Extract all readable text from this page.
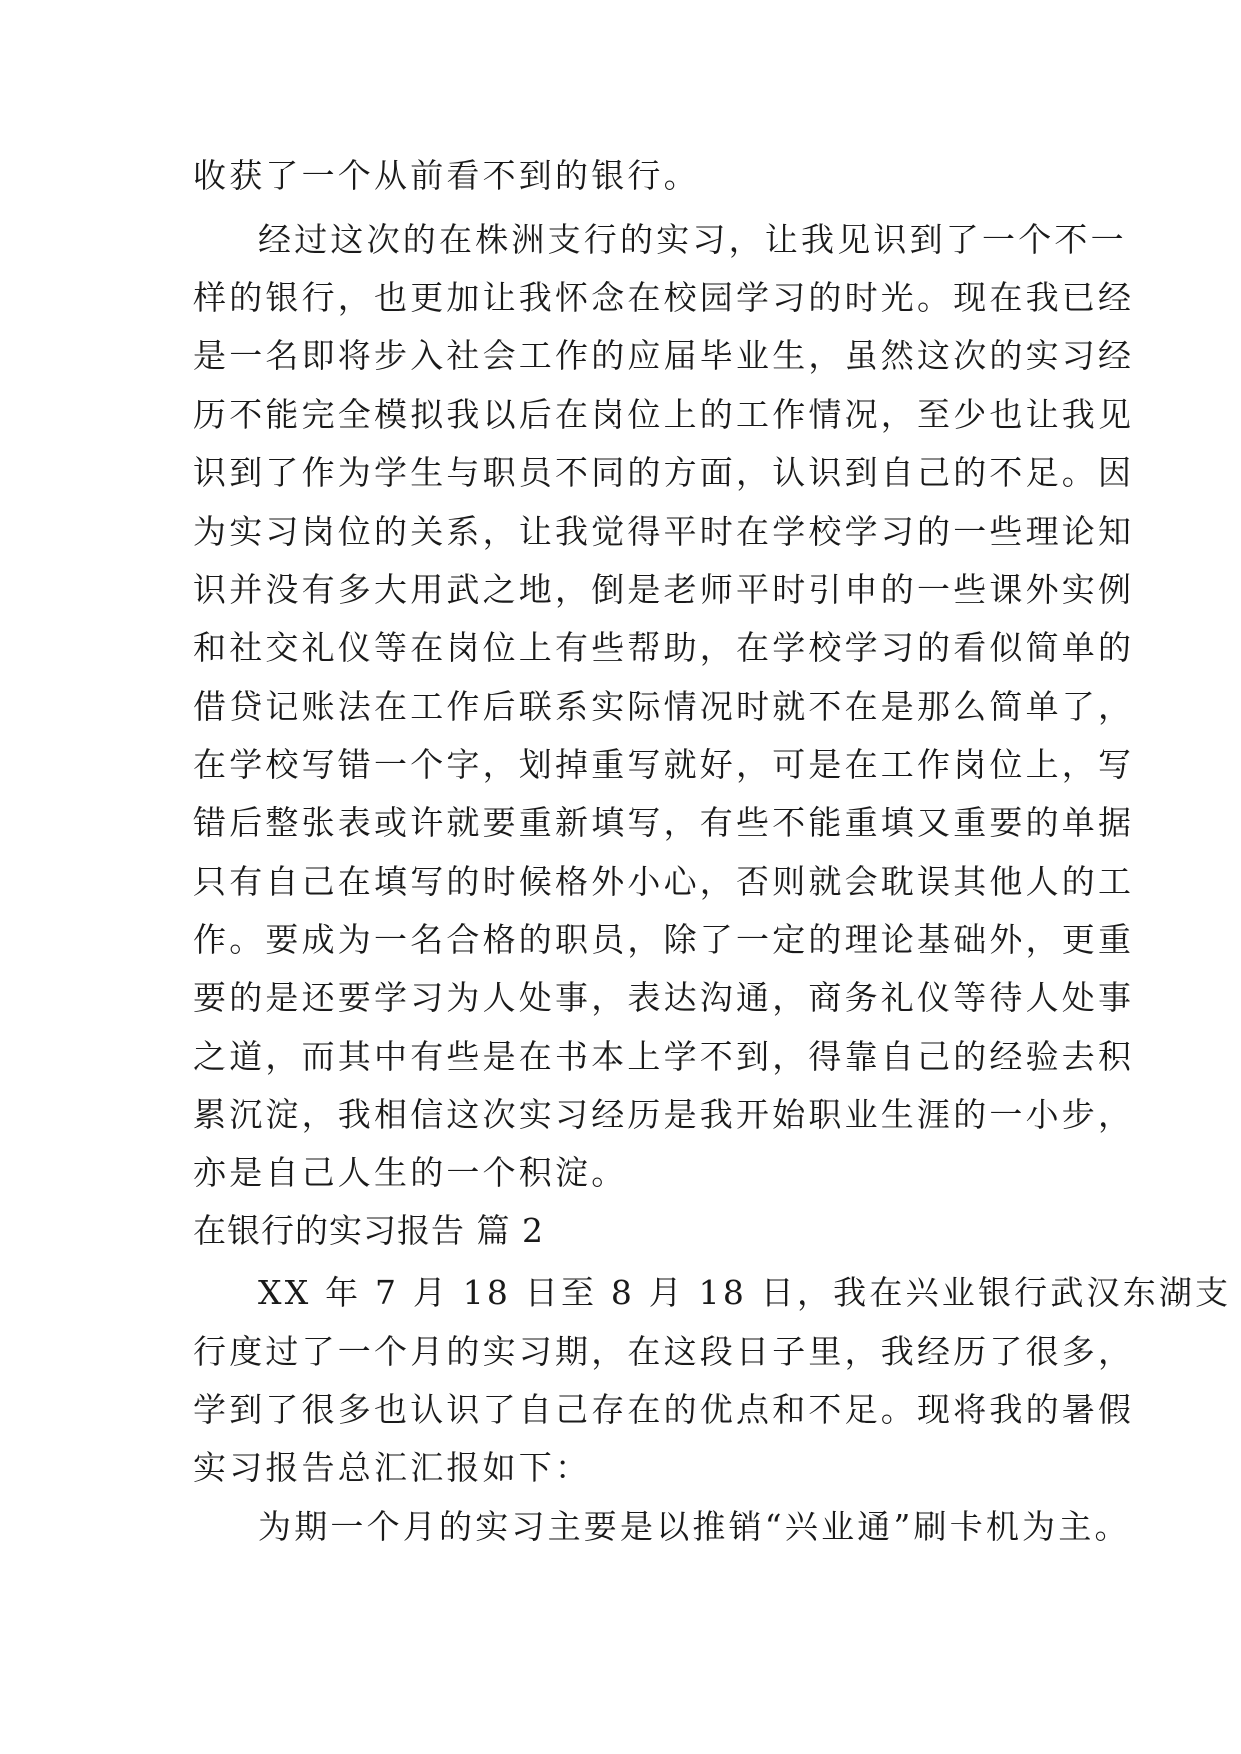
收获了一个从前看不到的银行。
经过这次的在株洲支行的实习，让我见识到了一个不一
样的银行，也更加让我怀念在校园学习的时光。现在我已经
是一名即将步入社会工作的应届毕业生，虽然这次的实习经
历不能完全模拟我以后在岗位上的工作情况，至少也让我见
识到了作为学生与职员不同的方面，认识到自己的不足。因
为实习岗位的关系，让我觉得平时在学校学习的一些理论知
识并没有多大用武之地，倒是老师平时引申的一些课外实例
和社交礼仪等在岗位上有些帮助，在学校学习的看似简单的
借贷记账法在工作后联系实际情况时就不在是那么简单了，
在学校写错一个字，划掉重写就好，可是在工作岗位上，写
错后整张表或许就要重新填写，有些不能重填又重要的单据
只有自己在填写的时候格外小心，否则就会耽误其他人的工
作。要成为一名合格的职员，除了一定的理论基础外，更重
要的是还要学习为人处事，表达沟通，商务礼仪等待人处事
之道，而其中有些是在书本上学不到，得靠自己的经验去积
累沉淀，我相信这次实习经历是我开始职业生涯的一小步，
亦是自己人生的一个积淀。
在银行的实习报告 篇 2
XX 年 7 月 18 日至 8 月 18 日，我在兴业银行武汉东湖支
行度过了一个月的实习期，在这段日子里，我经历了很多，
学到了很多也认识了自己存在的优点和不足。现将我的暑假
实习报告总汇汇报如下：
为期一个月的实习主要是以推销“兴业通”刷卡机为主。
